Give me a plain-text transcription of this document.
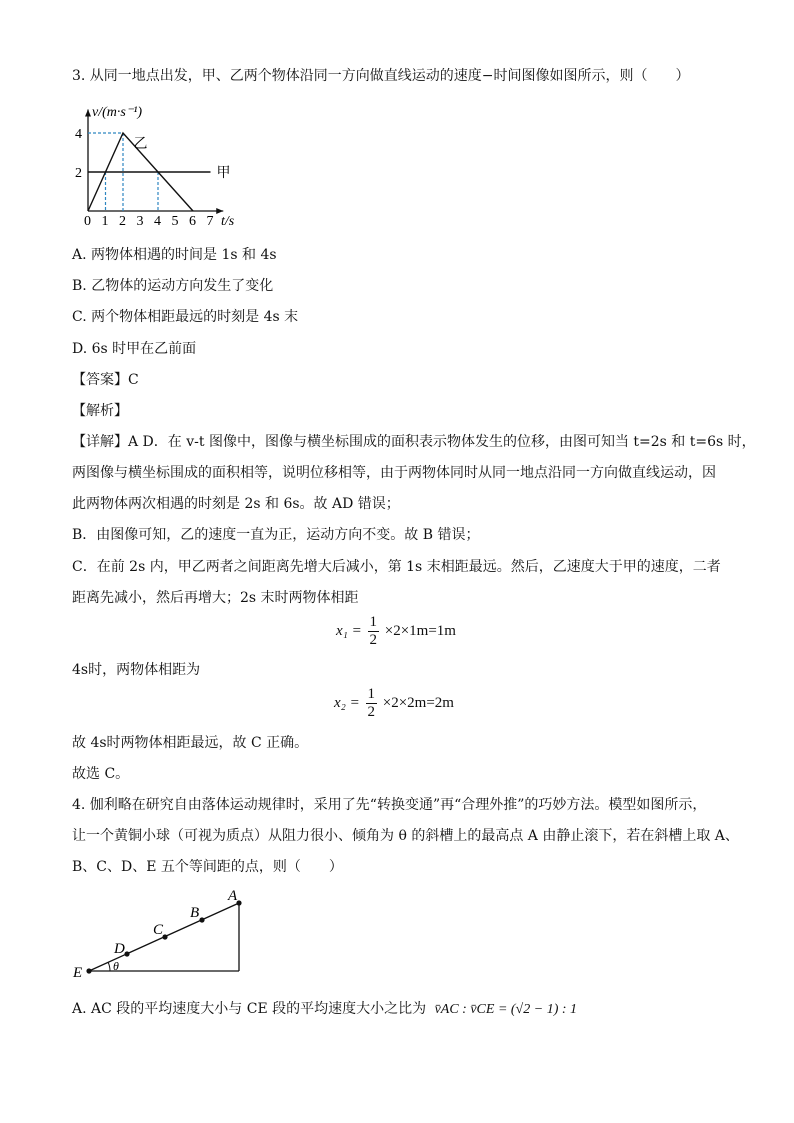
3. 从同一地点出发，甲、乙两个物体沿同一方向做直线运动的速度−时间图像如图所示，则（　　）
v/(m·s⁻¹)
t/s
0 1 2 3 4 5 6 7
2
4
甲
乙
A. 两物体相遇的时间是 1s 和 4s
B. 乙物体的运动方向发生了变化
C. 两个物体相距最远的时刻是 4s 末
D. 6s 时甲在乙前面
【答案】C
【解析】
【详解】A D．在 v-t 图像中，图像与横坐标围成的面积表示物体发生的位移，由图可知当 t=2s 和 t=6s 时，
两图像与横坐标围成的面积相等，说明位移相等，由于两物体同时从同一地点沿同一方向做直线运动，因
此两物体两次相遇的时刻是 2s 和 6s。故 AD 错误；
B．由图像可知，乙的速度一直为正，运动方向不变。故 B 错误；
C．在前 2s 内，甲乙两者之间距离先增大后减小，第 1s 末相距最远。然后，乙速度大于甲的速度，二者
距离先减小，然后再增大；2s 末时两物体相距
$x_1 = \frac{1}{2} \times 2\times 1m=1m$
4s时，两物体相距为
$x_2 = \frac{1}{2} \times 2\times 2m=2m$
故 4s时两物体相距最远，故 C 正确。
故选 C。
4. 伽利略在研究自由落体运动规律时，采用了先“转换变通”再“合理外推”的巧妙方法。模型如图所示，
让一个黄铜小球（可视为质点）从阻力很小、倾角为 θ 的斜槽上的最高点 A 由静止滚下，若在斜槽上取 A、
B、C、D、E 五个等间距的点，则（　　）
A
B
C
D
E	θ
A. AC 段的平均速度大小与 CE 段的平均速度大小之比为 v̄AC : v̄CE = (√2 − 1) : 1
